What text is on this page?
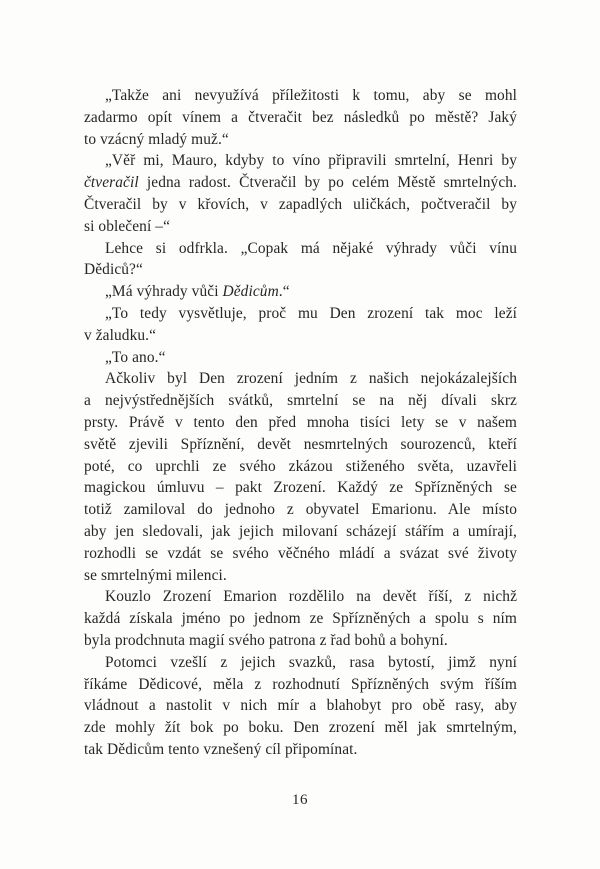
„Takže ani nevyužívá příležitosti k tomu, aby se mohl
zadarmo opít vínem a čtveračit bez následků po městě? Jaký
to vzácný mladý muž.“

„Věř mi, Mauro, kdyby to víno připravili smrtelní, Henri by
čtveračil jedna radost. Čtveračil by po celém Městě smrtelných.
Čtveračil by v křovích, v zapadlých uličkách, počtveračil by
si oblečení –“

Lehce si odfrkla. „Copak má nějaké výhrady vůči vínu
Dědiců?“

„Má výhrady vůči Dědicům.“

„To tedy vysvětluje, proč mu Den zrození tak moc leží
v žaludku.“

„To ano.“

Ačkoliv byl Den zrození jedním z našich nejokázalejších
a nejvýstřednějších svátků, smrtelní se na něj dívali skrz
prsty. Právě v tento den před mnoha tisíci lety se v našem
světě zjevili Spříznění, devět nesmrtelných sourozenců, kteří
poté, co uprchli ze svého zkázou stiženého světa, uzavřeli
magickou úmluvu – pakt Zrození. Každý ze Spřízněných se
totiž zamiloval do jednoho z obyvatel Emarionu. Ale místo
aby jen sledovali, jak jejich milovaní scházejí stářím a umírají,
rozhodli se vzdát se svého věčného mládí a svázat své životy
se smrtelnými milenci.

Kouzlo Zrození Emarion rozdělilo na devět říší, z nichž
každá získala jméno po jednom ze Spřízněných a spolu s ním
byla prodchnuta magií svého patrona z řad bohů a bohyní.

Potomci vzešlí z jejich svazků, rasa bytostí, jimž nyní
říkáme Dědicové, měla z rozhodnutí Spřízněných svým říším
vládnout a nastolit v nich mír a blahobyt pro obě rasy, aby
zde mohly žít bok po boku. Den zrození měl jak smrtelným,
tak Dědicům tento vznešený cíl připomínat.

16
